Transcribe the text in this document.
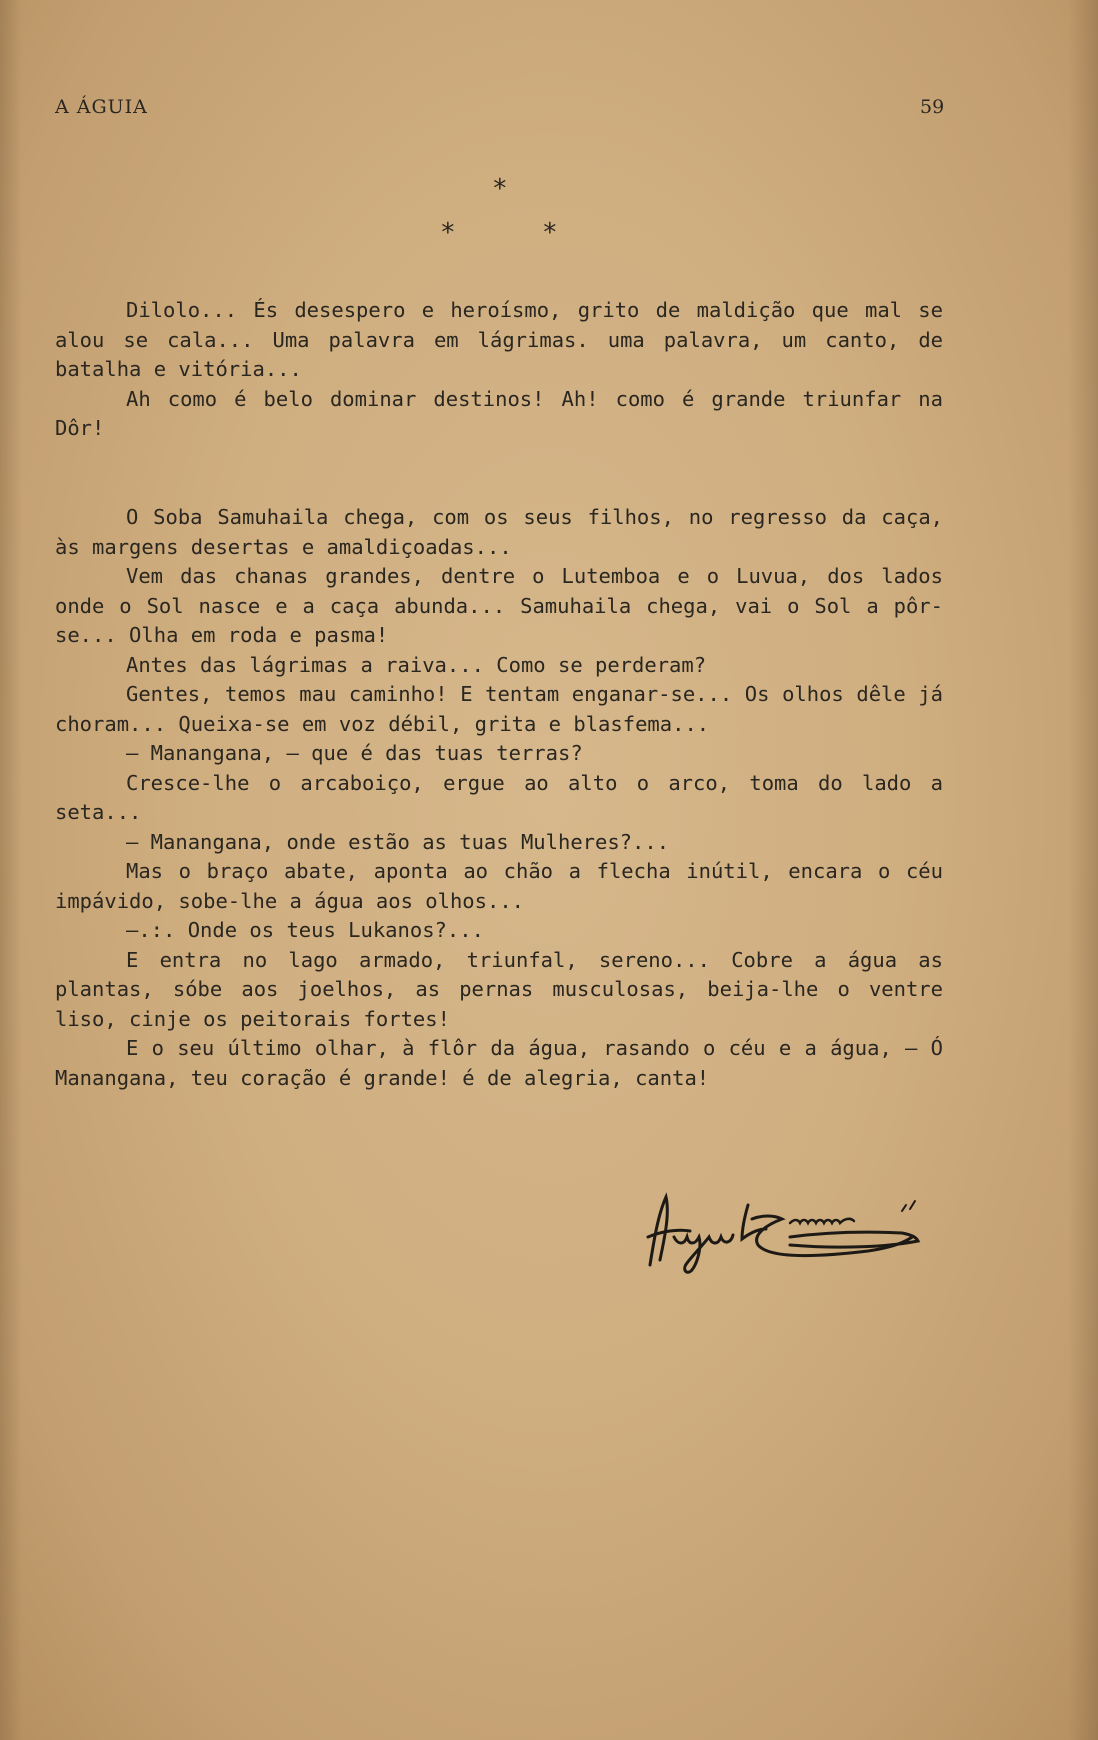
A ÁGUIA	59
*
*	*

Dilolo... És desespero e heroísmo, grito de maldição que mal se alou se cala... Uma palavra em lágrimas. uma palavra, um canto, de batalha e vitória...

Ah como é belo dominar destinos! Ah! como é grande triunfar na Dôr!

O Soba Samuhaila chega, com os seus filhos, no regresso da caça, às margens desertas e amaldiçoadas...

Vem das chanas grandes, dentre o Lutemboa e o Luvua, dos lados onde o Sol nasce e a caça abunda... Samuhaila chega, vai o Sol a pôr-se... Olha em roda e pasma!

Antes das lágrimas a raiva... Como se perderam?

Gentes, temos mau caminho! E tentam enganar-se... Os olhos dêle já choram... Queixa-se em voz débil, grita e blasfema...

— Manangana, — que é das tuas terras?

Cresce-lhe o arcaboiço, ergue ao alto o arco, toma do lado a seta...

— Manangana, onde estão as tuas Mulheres?...

Mas o braço abate, aponta ao chão a flecha inútil, encara o céu impávido, sobe-lhe a água aos olhos...

—.:. Onde os teus Lukanos?...

E entra no lago armado, triunfal, sereno... Cobre a água as plantas, sóbe aos joelhos, as pernas musculosas, beija-lhe o ventre liso, cinje os peitorais fortes!

E o seu último olhar, à flôr da água, rasando o céu e a água, — Ó Manangana, teu coração é grande! é de alegria, canta!
